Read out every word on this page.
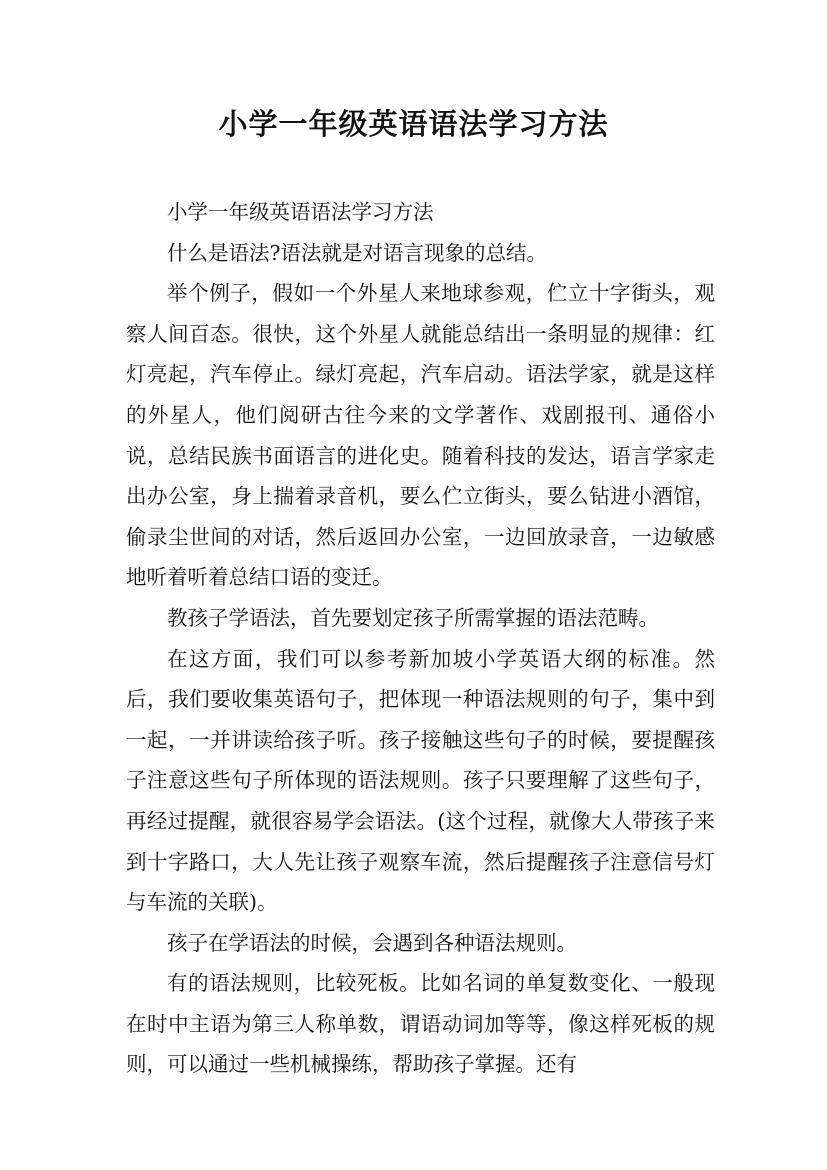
小学一年级英语语法学习方法

小学一年级英语语法学习方法

什么是语法?语法就是对语言现象的总结。

举个例子，假如一个外星人来地球参观，伫立十字街头，观察人间百态。很快，这个外星人就能总结出一条明显的规律：红灯亮起，汽车停止。绿灯亮起，汽车启动。语法学家，就是这样的外星人，他们阅研古往今来的文学著作、戏剧报刊、通俗小说，总结民族书面语言的进化史。随着科技的发达，语言学家走出办公室，身上揣着录音机，要么伫立街头，要么钻进小酒馆，偷录尘世间的对话，然后返回办公室，一边回放录音，一边敏感地听着听着总结口语的变迁。

教孩子学语法，首先要划定孩子所需掌握的语法范畴。

在这方面，我们可以参考新加坡小学英语大纲的标准。然后，我们要收集英语句子，把体现一种语法规则的句子，集中到一起，一并讲读给孩子听。孩子接触这些句子的时候，要提醒孩子注意这些句子所体现的语法规则。孩子只要理解了这些句子，再经过提醒，就很容易学会语法。(这个过程，就像大人带孩子来到十字路口，大人先让孩子观察车流，然后提醒孩子注意信号灯与车流的关联)。

孩子在学语法的时候，会遇到各种语法规则。

有的语法规则，比较死板。比如名词的单复数变化、一般现在时中主语为第三人称单数，谓语动词加等等，像这样死板的规则，可以通过一些机械操练，帮助孩子掌握。还有
